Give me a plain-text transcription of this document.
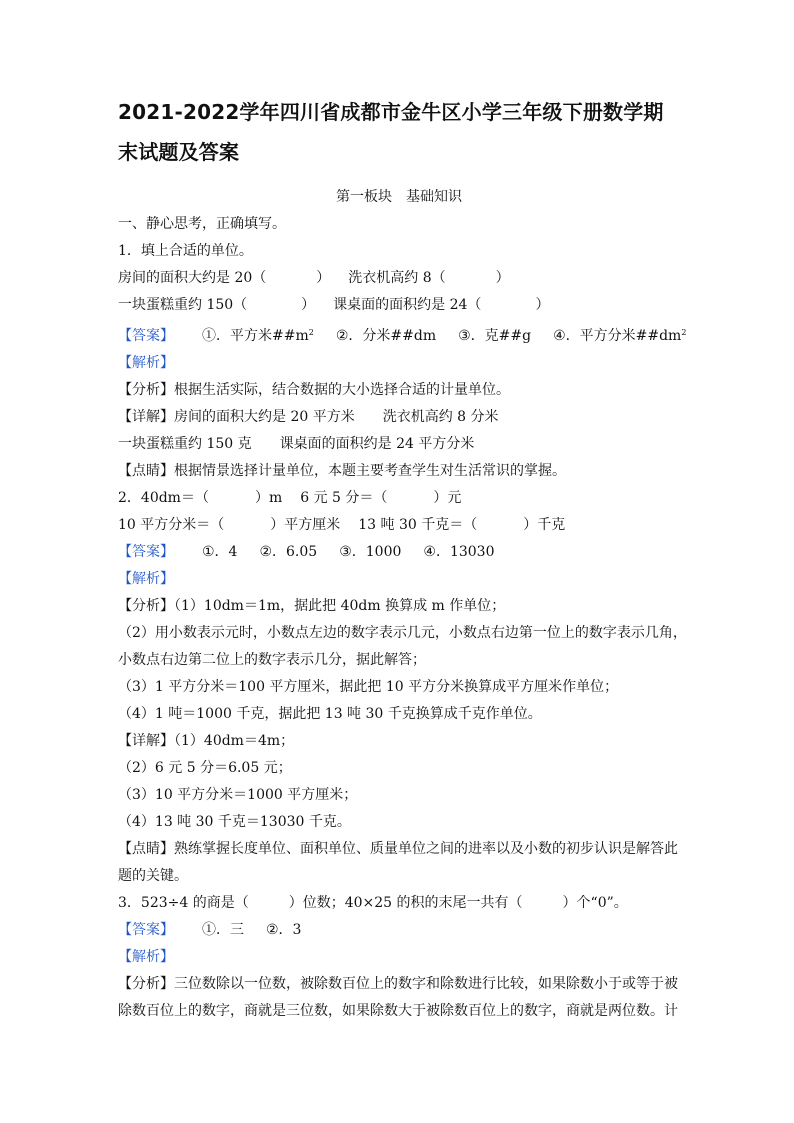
2021-2022学年四川省成都市金牛区小学三年级下册数学期
末试题及答案
第一板块　基础知识
一、静心思考，正确填写。
1．填上合适的单位。
房间的面积大约是 20（	） 洗衣机高约 8（	）
一块蛋糕重约 150（	） 课桌面的面积约是 24（	）
【答案】 ①．平方米$\#\#m^2$ ②．分米##dm ③．克##g ④．平方分米$\#\#dm^2$
【解析】
【分析】根据生活实际，结合数据的大小选择合适的计量单位。
【详解】房间的面积大约是 20 平方米 洗衣机高约 8 分米
一块蛋糕重约 150 克 课桌面的面积约是 24 平方分米
【点睛】根据情景选择计量单位，本题主要考查学生对生活常识的掌握。
2．40dm＝（	）m 6 元 5 分＝（	）元
10 平方分米＝（	）平方厘米 13 吨 30 千克＝（	）千克
【答案】 ①．4 ②．6.05 ③．1000 ④．13030
【解析】
【分析】（1）10dm＝1m，据此把 40dm 换算成 m 作单位；
（2）用小数表示元时，小数点左边的数字表示几元，小数点右边第一位上的数字表示几角，
小数点右边第二位上的数字表示几分，据此解答；
（3）1 平方分米＝100 平方厘米，据此把 10 平方分米换算成平方厘米作单位；
（4）1 吨＝1000 千克，据此把 13 吨 30 千克换算成千克作单位。
【详解】（1）40dm＝4m；
（2）6 元 5 分＝6.05 元；
（3）10 平方分米＝1000 平方厘米；
（4）13 吨 30 千克＝13030 千克。
【点睛】熟练掌握长度单位、面积单位、质量单位之间的进率以及小数的初步认识是解答此
题的关键。
3．523÷4 的商是（	）位数；40×25 的积的末尾一共有（	）个“0”。
【答案】 ①．三 ②．3
【解析】
【分析】三位数除以一位数，被除数百位上的数字和除数进行比较，如果除数小于或等于被
除数百位上的数字，商就是三位数，如果除数大于被除数百位上的数字，商就是两位数。计
